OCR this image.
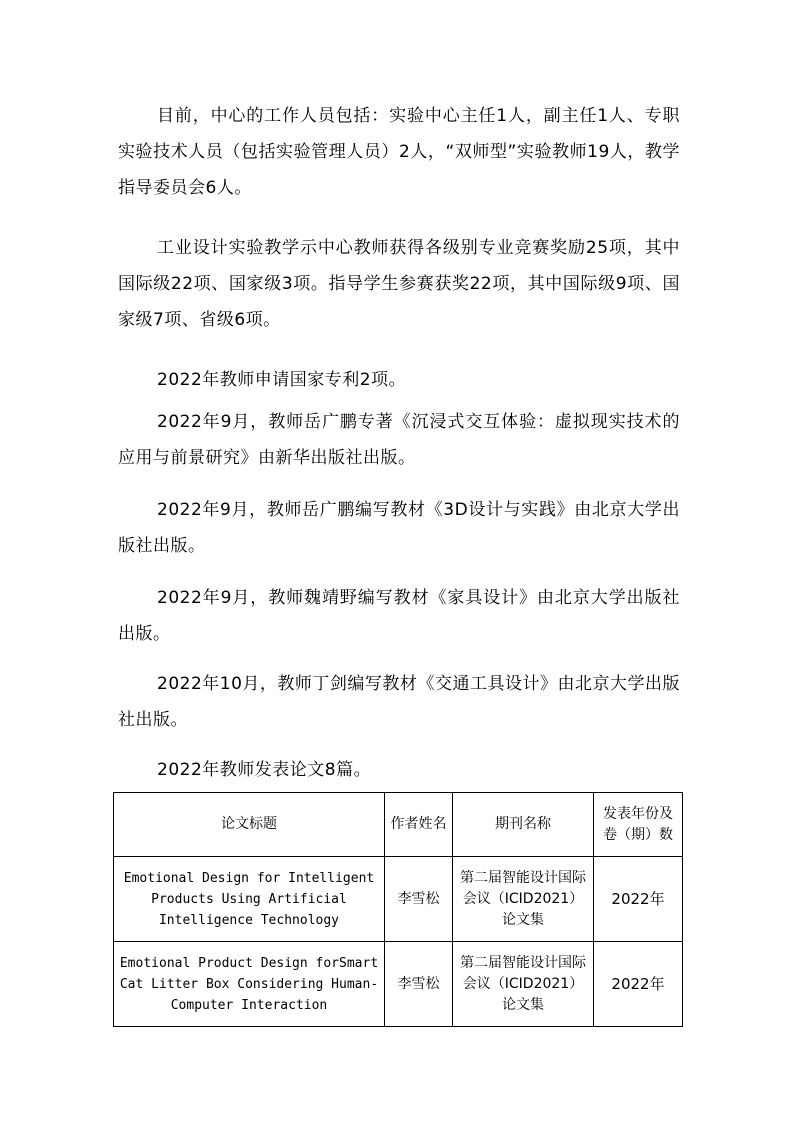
目前，中心的工作人员包括：实验中心主任1人，副主任1人、专职实验技术人员（包括实验管理人员）2人，“双师型”实验教师19人，教学指导委员会6人。

工业设计实验教学示中心教师获得各级别专业竞赛奖励25项，其中国际级22项、国家级3项。指导学生参赛获奖22项，其中国际级9项、国家级7项、省级6项。

2022年教师申请国家专利2项。

2022年9月，教师岳广鹏专著《沉浸式交互体验：虚拟现实技术的应用与前景研究》由新华出版社出版。

2022年9月，教师岳广鹏编写教材《3D设计与实践》由北京大学出版社出版。

2022年9月，教师魏靖野编写教材《家具设计》由北京大学出版社出版。

2022年10月，教师丁剑编写教材《交通工具设计》由北京大学出版社出版。

2022年教师发表论文8篇。

论文标题	作者姓名	期刊名称	发表年份及卷（期）数
Emotional Design for Intelligent Products Using Artificial Intelligence Technology	李雪松	第二届智能设计国际会议（ICID2021）论文集	2022年
Emotional Product Design forSmart Cat Litter Box Considering Human-Computer Interaction	李雪松	第二届智能设计国际会议（ICID2021）论文集	2022年
